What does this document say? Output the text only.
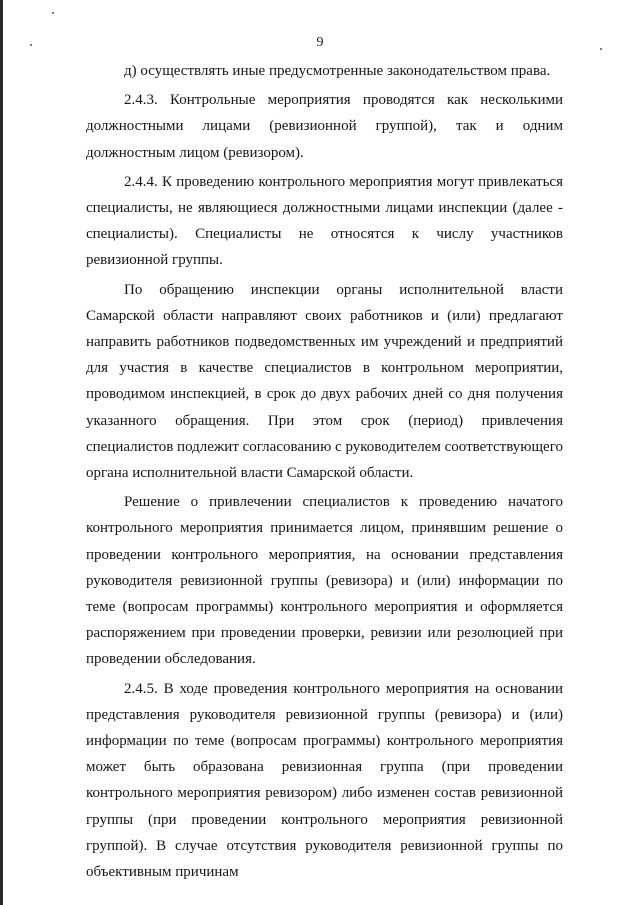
9

д) осуществлять иные предусмотренные законодательством права.

2.4.3. Контрольные мероприятия проводятся как несколькими должностными лицами (ревизионной группой), так и одним должностным лицом (ревизором).

2.4.4. К проведению контрольного мероприятия могут привлекаться специалисты, не являющиеся должностными лицами инспекции (далее - специалисты). Специалисты не относятся к числу участников ревизионной группы.

По обращению инспекции органы исполнительной власти Самарской области направляют своих работников и (или) предлагают направить работников подведомственных им учреждений и предприятий для участия в качестве специалистов в контрольном мероприятии, проводимом инспекцией, в срок до двух рабочих дней со дня получения указанного обращения. При этом срок (период) привлечения специалистов подлежит согласованию с руководителем соответствующего органа исполнительной власти Самарской области.

Решение о привлечении специалистов к проведению начатого контрольного мероприятия принимается лицом, принявшим решение о проведении контрольного мероприятия, на основании представления руководителя ревизионной группы (ревизора) и (или) информации по теме (вопросам программы) контрольного мероприятия и оформляется распоряжением при проведении проверки, ревизии или резолюцией при проведении обследования.

2.4.5. В ходе проведения контрольного мероприятия на основании представления руководителя ревизионной группы (ревизора) и (или) информации по теме (вопросам программы) контрольного мероприятия может быть образована ревизионная группа (при проведении контрольного мероприятия ревизором) либо изменен состав ревизионной группы (при проведении контрольного мероприятия ревизионной группой). В случае отсутствия руководителя ревизионной группы по объективным причинам
